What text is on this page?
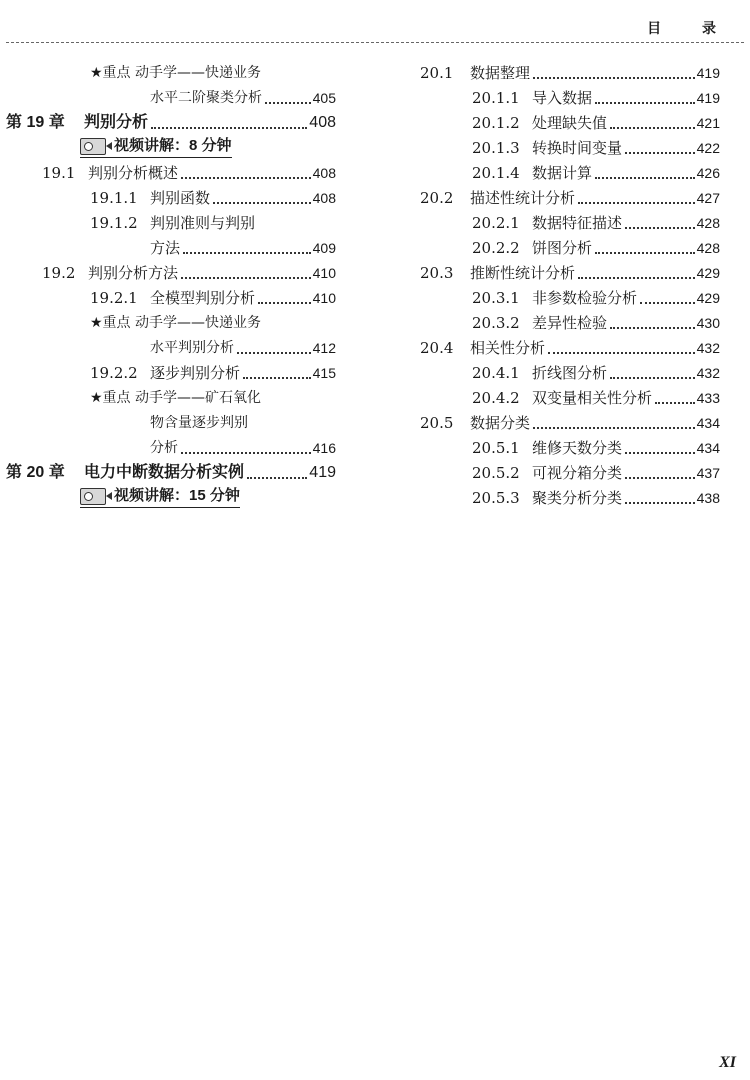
目 录
★重点 动手学——快递业务
水平二阶聚类分析	405
第 19 章	判别分析	408
视频讲解：8 分钟
19.1 判别分析概述	408
19.1.1 判别函数	408
19.1.2 判别准则与判别
方法	409
19.2 判别分析方法	410
19.2.1 全模型判别分析	410
★重点 动手学——快递业务
水平判别分析	412
19.2.2 逐步判别分析	415
★重点 动手学——矿石氧化
物含量逐步判别
分析	416
第 20 章	电力中断数据分析实例	419
视频讲解：15 分钟
20.1	数据整理	419
20.1.1 导入数据	419
20.1.2 处理缺失值	421
20.1.3 转换时间变量	422
20.1.4 数据计算	426
20.2	描述性统计分析	427
20.2.1 数据特征描述	428
20.2.2 饼图分析	428
20.3	推断性统计分析	429
20.3.1 非参数检验分析	429
20.3.2 差异性检验	430
20.4	相关性分析	432
20.4.1 折线图分析	432
20.4.2 双变量相关性分析	433
20.5	数据分类	434
20.5.1 维修天数分类	434
20.5.2 可视分箱分类	437
20.5.3 聚类分析分类	438
XI
